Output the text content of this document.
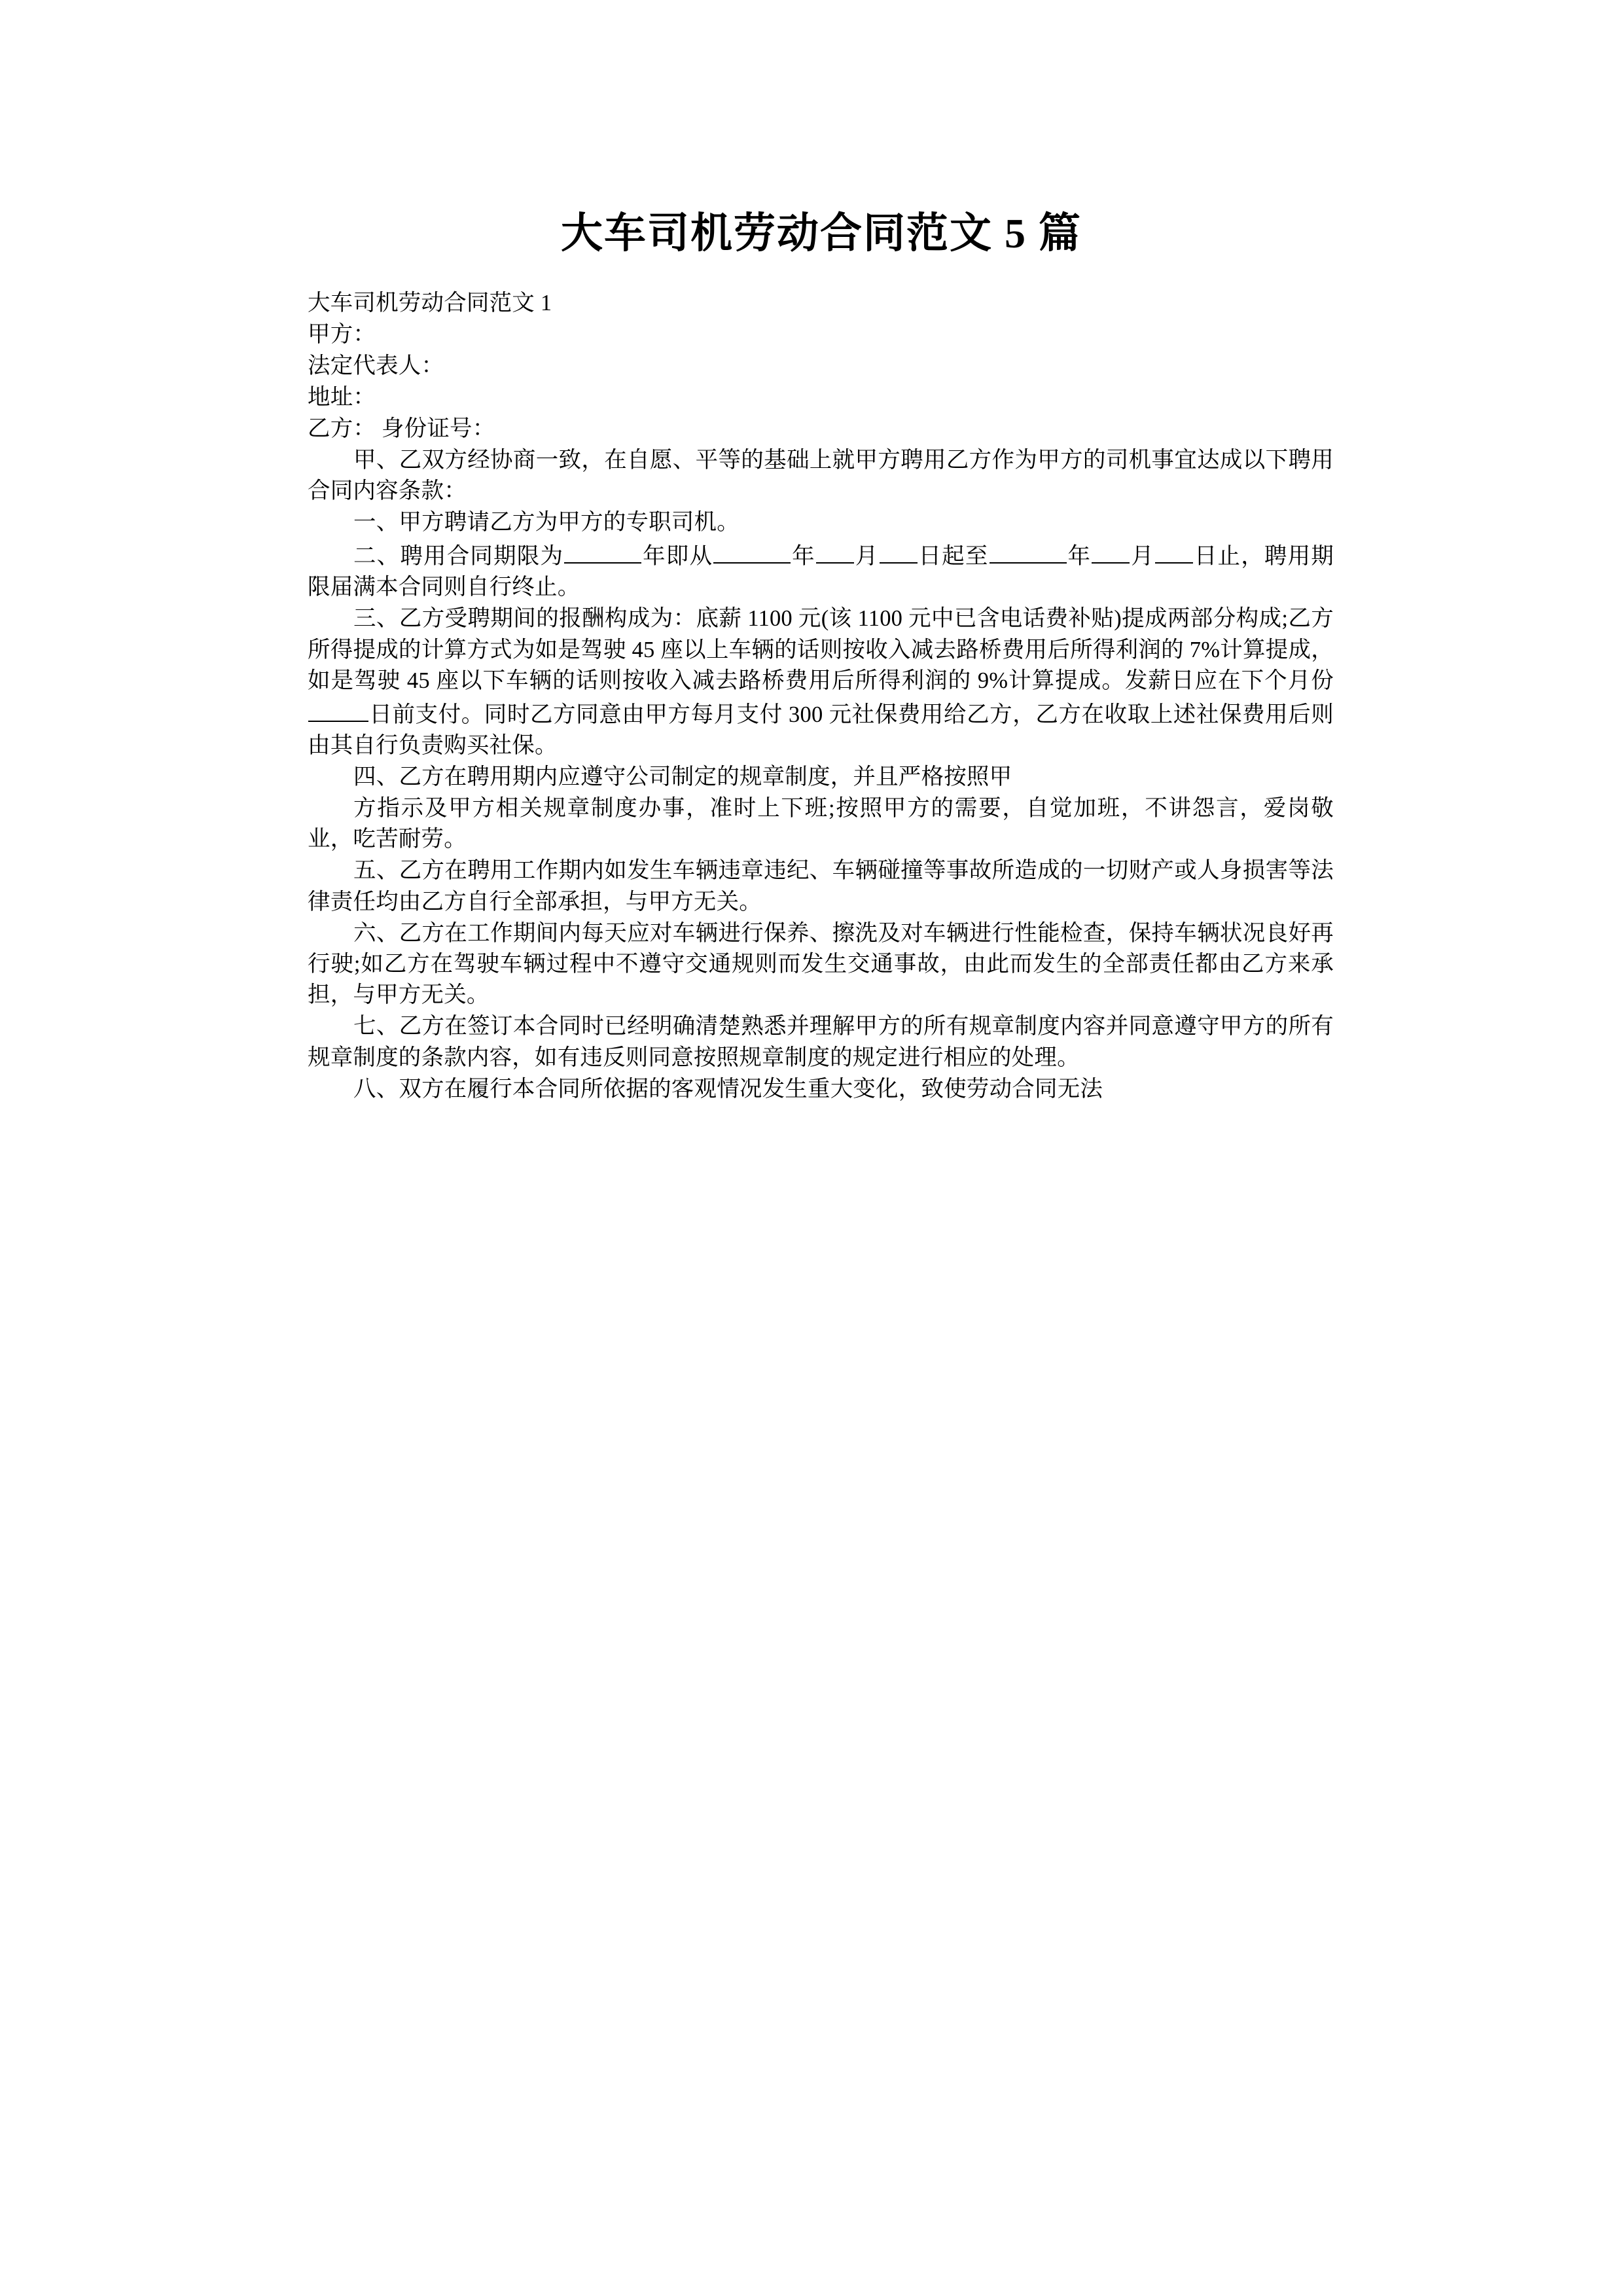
大车司机劳动合同范文 5 篇

大车司机劳动合同范文 1

甲方：

法定代表人：

地址：

乙方： 身份证号：

甲、乙双方经协商一致，在自愿、平等的基础上就甲方聘用乙方作为甲方的司机事宜达成以下聘用合同内容条款：

一、甲方聘请乙方为甲方的专职司机。

二、聘用合同期限为	年即从	年 月 日起至	年 月 日止，聘用期限届满本合同则自行终止。

三、乙方受聘期间的报酬构成为：底薪 1100 元(该 1100 元中已含电话费补贴)提成两部分构成;乙方所得提成的计算方式为如是驾驶 45 座以上车辆的话则按收入减去路桥费用后所得利润的 7%计算提成，如是驾驶 45 座以下车辆的话则按收入减去路桥费用后所得利润的 9%计算提成。发薪日应在下个月份日前支付。同时乙方同意由甲方每月支付 300 元社保费用给乙方，乙方在收取上述社保费用后则由其自行负责购买社保。

四、乙方在聘用期内应遵守公司制定的规章制度，并且严格按照甲

方指示及甲方相关规章制度办事，准时上下班;按照甲方的需要，自觉加班，不讲怨言，爱岗敬业，吃苦耐劳。

五、乙方在聘用工作期内如发生车辆违章违纪、车辆碰撞等事故所造成的一切财产或人身损害等法律责任均由乙方自行全部承担，与甲方无关。

六、乙方在工作期间内每天应对车辆进行保养、擦洗及对车辆进行性能检查，保持车辆状况良好再行驶;如乙方在驾驶车辆过程中不遵守交通规则而发生交通事故，由此而发生的全部责任都由乙方来承担，与甲方无关。

七、乙方在签订本合同时已经明确清楚熟悉并理解甲方的所有规章制度内容并同意遵守甲方的所有规章制度的条款内容，如有违反则同意按照规章制度的规定进行相应的处理。

八、双方在履行本合同所依据的客观情况发生重大变化，致使劳动合同无法
